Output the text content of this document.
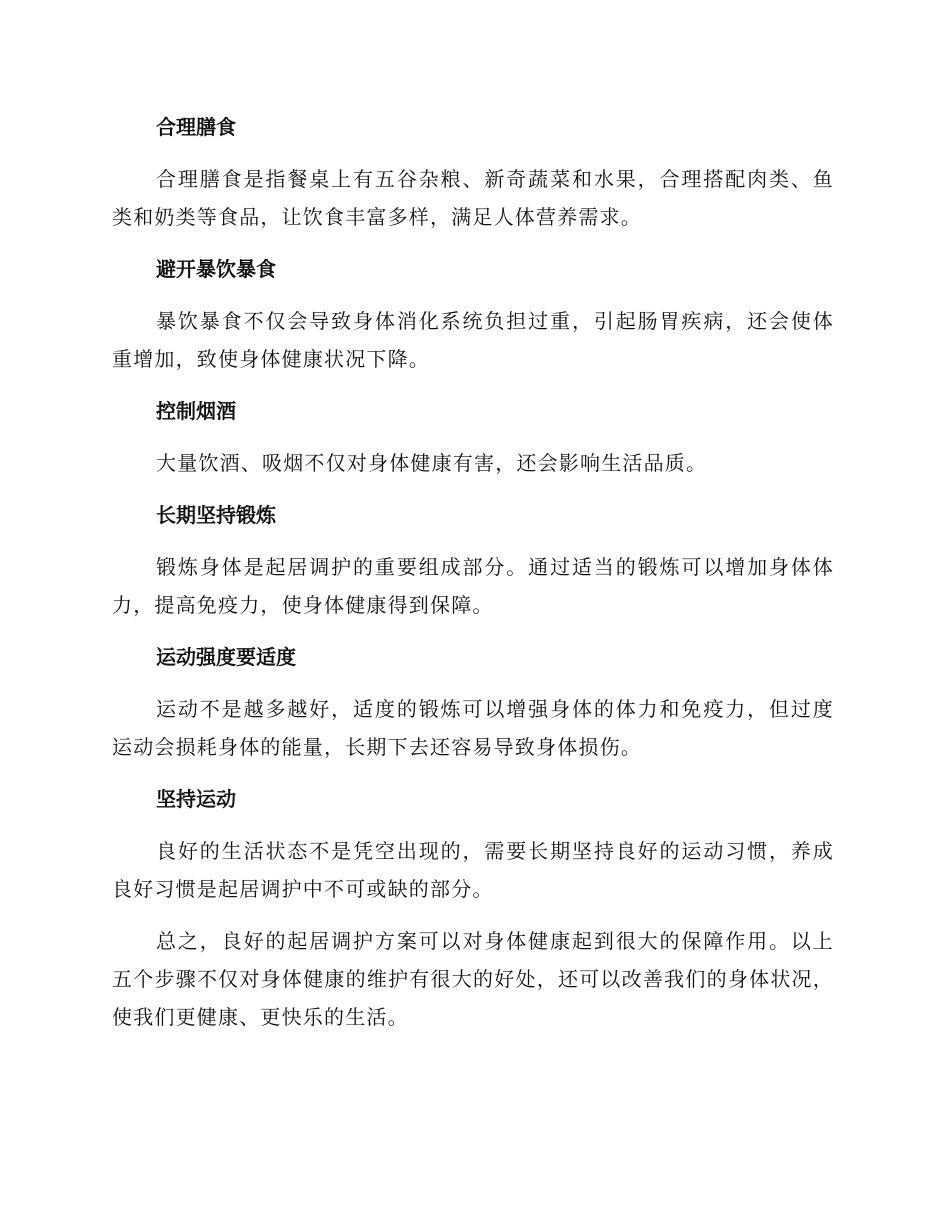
合理膳食

合理膳食是指餐桌上有五谷杂粮、新奇蔬菜和水果，合理搭配肉类、鱼类和奶类等食品，让饮食丰富多样，满足人体营养需求。

避开暴饮暴食

暴饮暴食不仅会导致身体消化系统负担过重，引起肠胃疾病，还会使体重增加，致使身体健康状况下降。

控制烟酒

大量饮酒、吸烟不仅对身体健康有害，还会影响生活品质。

长期坚持锻炼

锻炼身体是起居调护的重要组成部分。通过适当的锻炼可以增加身体体力，提高免疫力，使身体健康得到保障。

运动强度要适度

运动不是越多越好，适度的锻炼可以增强身体的体力和免疫力，但过度运动会损耗身体的能量，长期下去还容易导致身体损伤。

坚持运动

良好的生活状态不是凭空出现的，需要长期坚持良好的运动习惯，养成良好习惯是起居调护中不可或缺的部分。

总之，良好的起居调护方案可以对身体健康起到很大的保障作用。以上五个步骤不仅对身体健康的维护有很大的好处，还可以改善我们的身体状况，使我们更健康、更快乐的生活。
